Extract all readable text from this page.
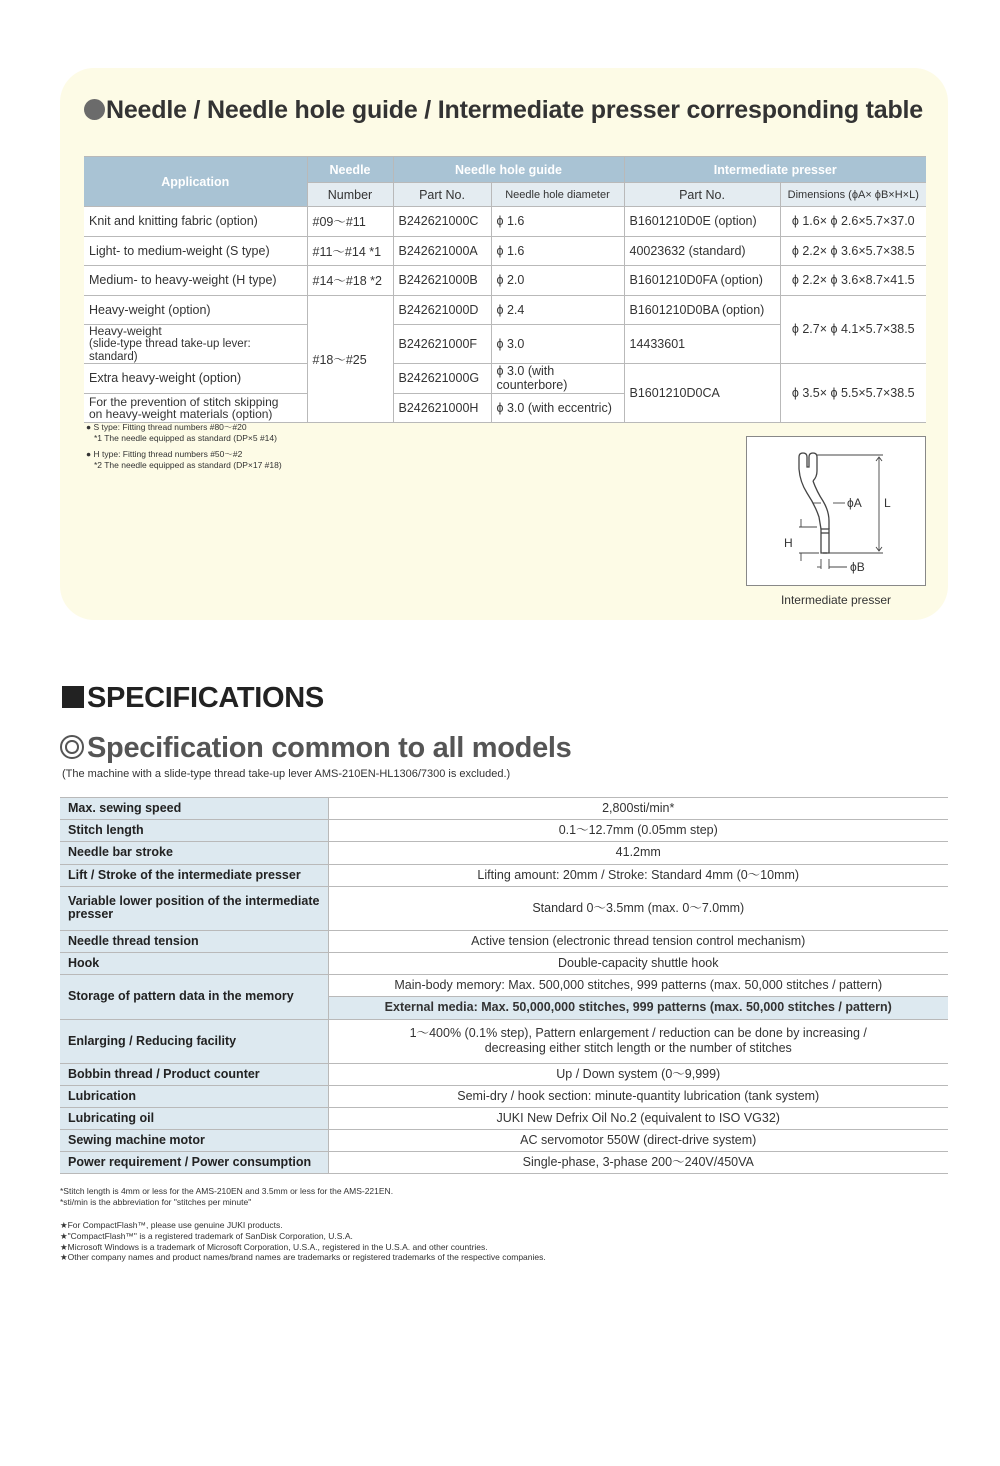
Needle / Needle hole guide / Intermediate presser corresponding table
Application	Needle	Needle hole guide		Intermediate presser	
	Number	Part No.	Needle hole diameter	Part No.	Dimensions (ϕA× ϕB×H×L)
Knit and knitting fabric (option)	#09～#11	B242621000C	ϕ 1.6	B1601210D0E (option)	ϕ 1.6× ϕ 2.6×5.7×37.0
Light- to medium-weight (S type)	#11～#14 *1	B242621000A	ϕ 1.6	40023632 (standard)	ϕ 2.2× ϕ 3.6×5.7×38.5
Medium- to heavy-weight (H type)	#14～#18 *2	B242621000B	ϕ 2.0	B1601210D0FA (option)	ϕ 2.2× ϕ 3.6×8.7×41.5
Heavy-weight (option)	#18～#25	B242621000D	ϕ 2.4	B1601210D0BA (option)	ϕ 2.7× ϕ 4.1×5.7×38.5
Heavy-weight
(slide-type thread take-up lever: standard)		B242621000F	ϕ 3.0	14433601	
Extra heavy-weight (option)		B242621000G	ϕ 3.0 (with counterbore)	B1601210D0CA	ϕ 3.5× ϕ 5.5×5.7×38.5
For the prevention of stitch skipping
on heavy-weight materials (option)		B242621000H	ϕ 3.0 (with eccentric)		
● S type: Fitting thread numbers #80～#20
*1 The needle equipped as standard (DP×5 #14)
● H type: Fitting thread numbers #50～#2
*2 The needle equipped as standard (DP×17 #18)
ϕA L
H
ϕB
Intermediate presser
SPECIFICATIONS
Specification common to all models
(The machine with a slide-type thread take-up lever AMS-210EN-HL1306/7300 is excluded.)
Max. sewing speed	2,800sti/min*
Stitch length	0.1～12.7mm (0.05mm step)
Needle bar stroke	41.2mm
Lift / Stroke of the intermediate presser	Lifting amount: 20mm / Stroke: Standard 4mm (0～10mm)
Variable lower position of the intermediate presser	Standard 0～3.5mm (max. 0～7.0mm)
Needle thread tension	Active tension (electronic thread tension control mechanism)
Hook	Double-capacity shuttle hook
Storage of pattern data in the memory	Main-body memory: Max. 500,000 stitches, 999 patterns (max. 50,000 stitches / pattern)
	External media: Max. 50,000,000 stitches, 999 patterns (max. 50,000 stitches / pattern)
Enlarging / Reducing facility	1～400% (0.1% step), Pattern enlargement / reduction can be done by increasing /
decreasing either stitch length or the number of stitches
Bobbin thread / Product counter	Up / Down system (0～9,999)
Lubrication	Semi-dry / hook section: minute-quantity lubrication (tank system)
Lubricating oil	JUKI New Defrix Oil No.2 (equivalent to ISO VG32)
Sewing machine motor	AC servomotor 550W (direct-drive system)
Power requirement / Power consumption	Single-phase, 3-phase 200～240V/450VA
*Stitch length is 4mm or less for the AMS-210EN and 3.5mm or less for the AMS-221EN.
*sti/min is the abbreviation for "stitches per minute"
★For CompactFlash™, please use genuine JUKI products.
★"CompactFlash™" is a registered trademark of SanDisk Corporation, U.S.A.
★Microsoft Windows is a trademark of Microsoft Corporation, U.S.A., registered in the U.S.A. and other countries.
★Other company names and product names/brand names are trademarks or registered trademarks of the respective companies.
